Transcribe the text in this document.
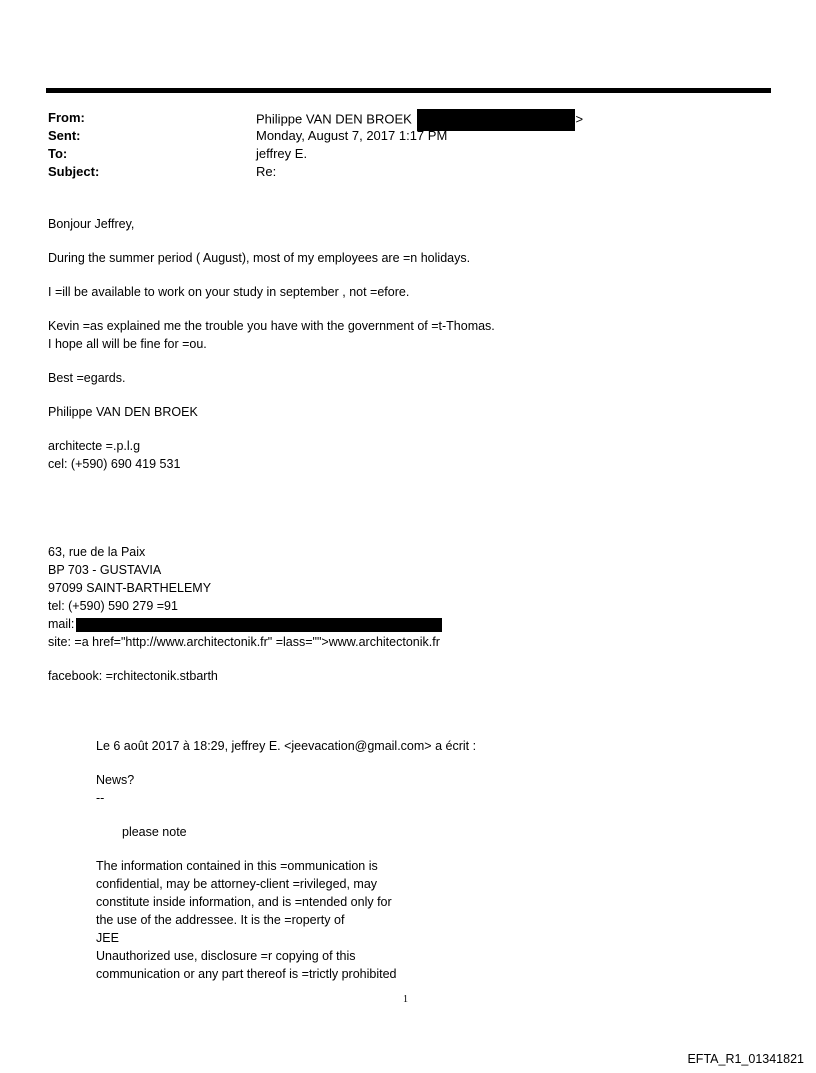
From:	Philippe VAN DEN BROEK	>
Sent:	Monday, August 7, 2017 1:17 PM
To:	jeffrey E.
Subject:	Re:

Bonjour Jeffrey,

During the summer period ( August), most of my employees are =n holidays.

I =ill be available to work on your study in september , not =efore.

Kevin =as explained me the trouble you have with the government of =t-Thomas.

I hope all will be fine for =ou.

Best =egards.

Philippe VAN DEN BROEK

architecte =.p.l.g

cel: (+590) 690 419 531

63, rue de la Paix

BP 703 - GUSTAVIA

97099 SAINT-BARTHELEMY

tel: (+590) 590 279 =91

mail:

site: =a href="http://www.architectonik.fr" =lass="">www.architectonik.fr

facebook: =rchitectonik.stbarth

Le 6 août 2017 à 18:29, jeffrey E. <jeevacation@gmail.com> a écrit :

News?

--

please note

The information contained in this =ommunication is

confidential, may be attorney-client =rivileged, may

constitute inside information, and is =ntended only for

the use of the addressee. It is the =roperty of

JEE

Unauthorized use, disclosure =r copying of this

communication or any part thereof is =trictly prohibited

1
EFTA_R1_01341821
